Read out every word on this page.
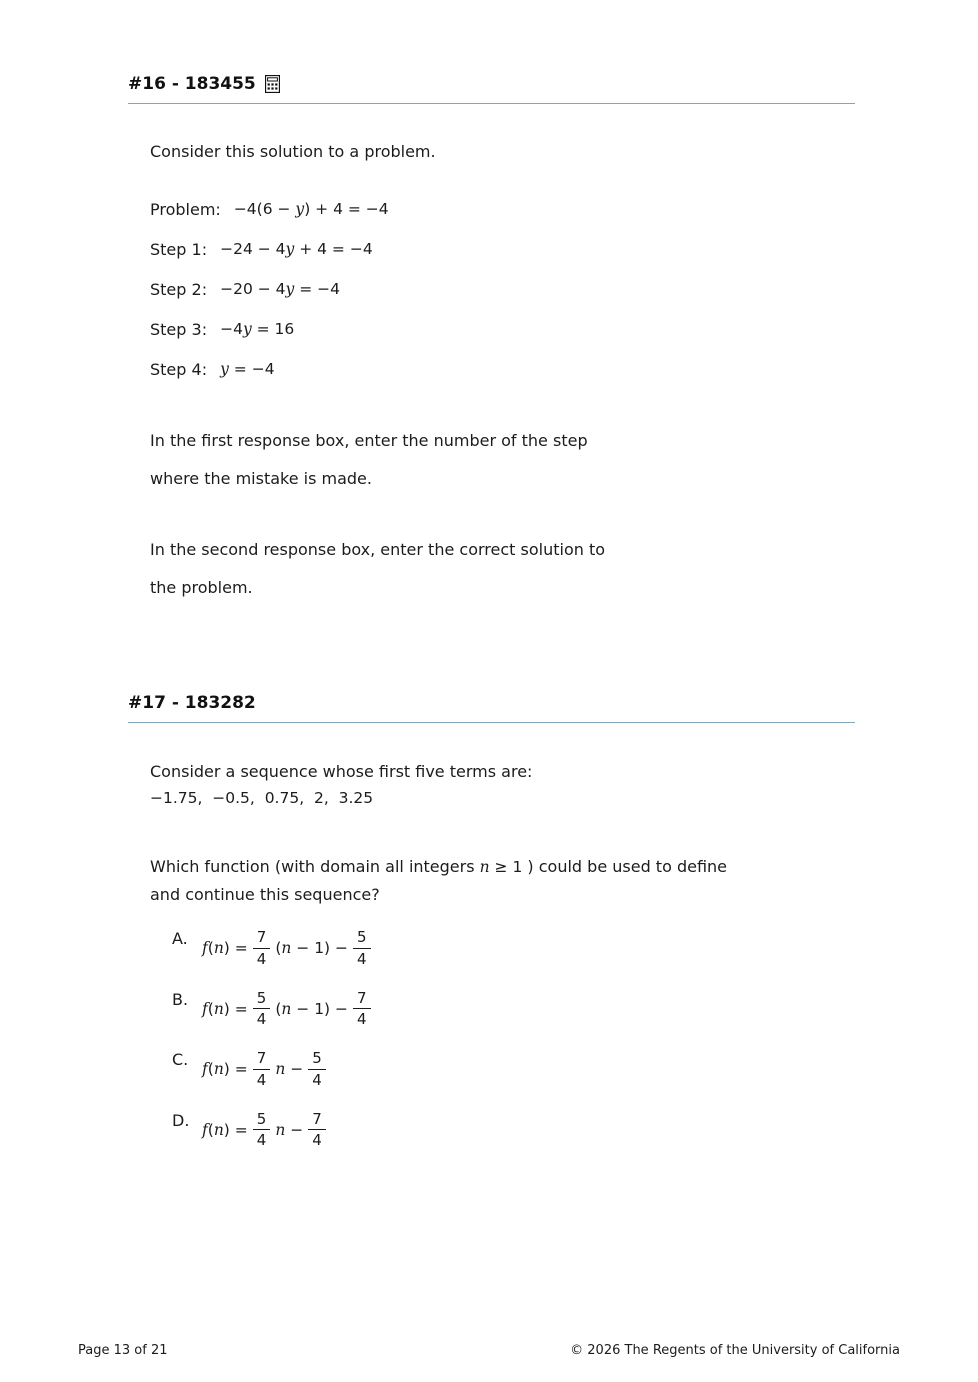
#16 - 183455

Consider this solution to a problem.

Problem: −4(6 − y) + 4 = −4
Step 1: −24 − 4y + 4 = −4
Step 2: −20 − 4y = −4
Step 3: −4y = 16
Step 4: y = −4

In the first response box, enter the number of the step
where the mistake is made.

In the second response box, enter the correct solution to
the problem.

#17 - 183282

Consider a sequence whose first five terms are:

−1.75,  −0.5,  0.75,  2,  3.25

Which function (with domain all integers n ≥ 1 ) could be used to define
and continue this sequence?

A. $f(n) = \frac{7}{4} (n - 1) - \frac{5}{4}$
B. $f(n) = \frac{5}{4} (n - 1) - \frac{7}{4}$
C. $f(n) = \frac{7}{4}$ $n - \frac{5}{4}$
D. $f(n) = \frac{5}{4}$ $n - \frac{7}{4}$
Page 13 of 21	© 2026 The Regents of the University of California
